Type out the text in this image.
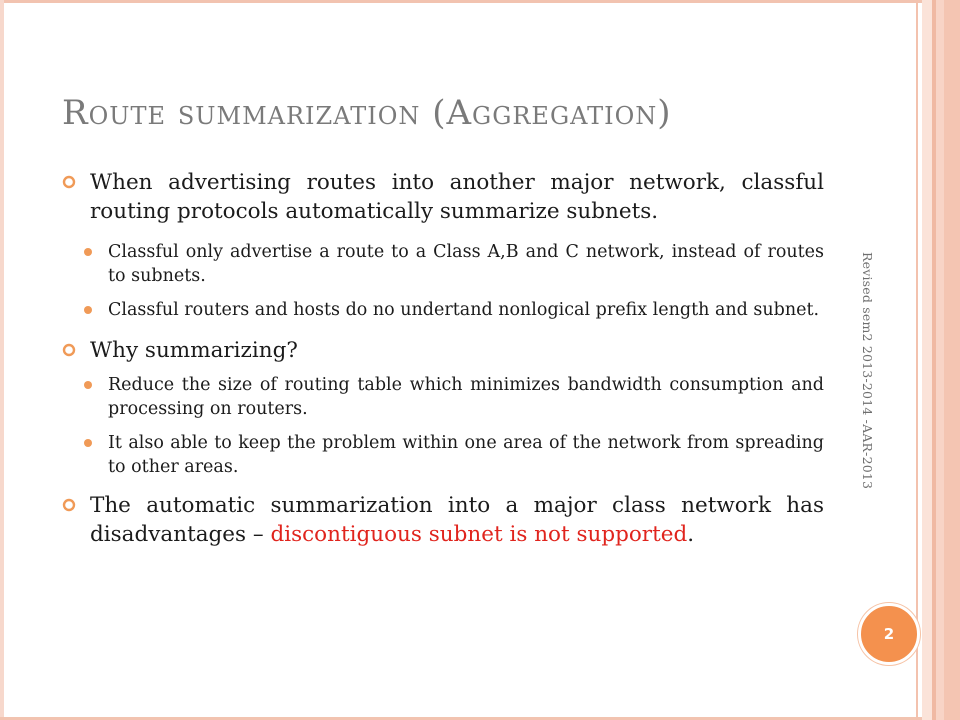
Route summarization (Aggregation)
When advertising routes into another major network, classful routing protocols automatically summarize subnets.
Classful only advertise a route to a Class A,B and C network, instead of routes to subnets.
Classful routers and hosts do no undertand nonlogical prefix length and subnet.
Why summarizing?
Reduce the size of routing table which minimizes bandwidth consumption and processing on routers.
It also able to keep the problem within one area of the network from spreading to other areas.
The automatic summarization into a major class network has disadvantages – discontiguous subnet is not supported.
Revised sem2 2013-2014 -AAR-2013
2
